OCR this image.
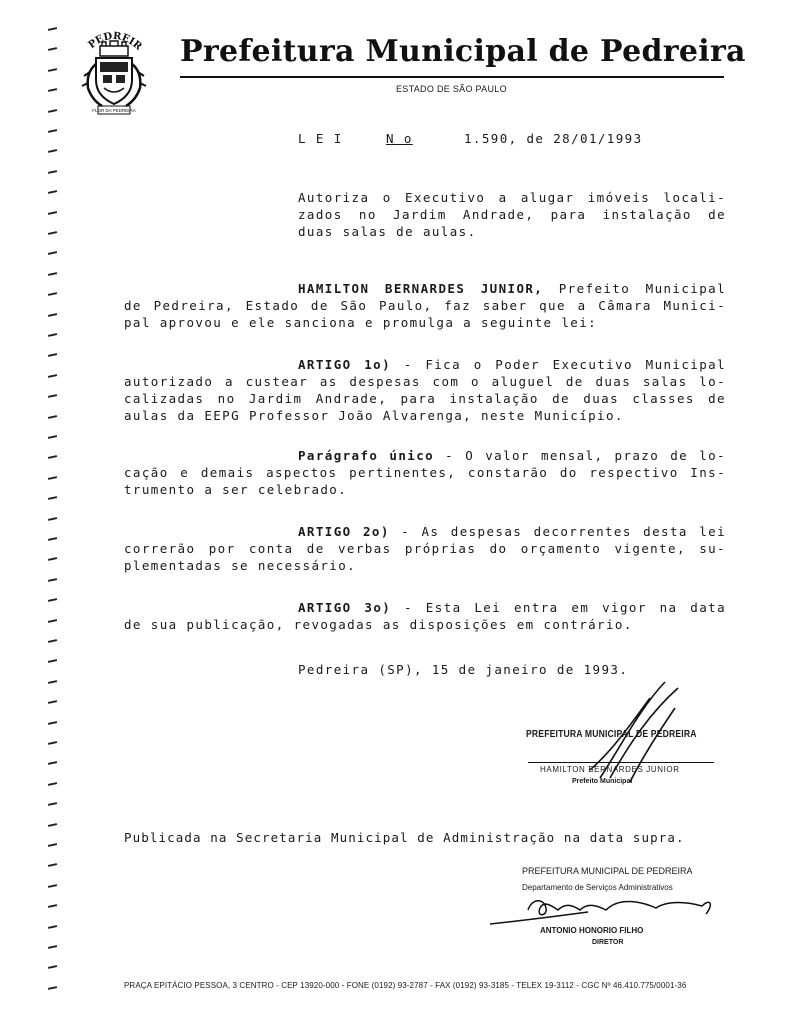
PEDREIR
FLOR DA PEDREIRA
Prefeitura Municipal de Pedreira
ESTADO DE SÃO PAULO
L E I	N o	1.590, de 28/01/1993

Autoriza o Executivo a alugar imóveis locali-

zados no Jardim Andrade, para instalação de

duas salas de aulas.

HAMILTON BERNARDES JUNIOR, Prefeito Municipal

de Pedreira, Estado de São Paulo, faz saber que a Câmara Munici-

pal aprovou e ele sanciona e promulga a seguinte lei:

ARTIGO 1o) - Fica o Poder Executivo Municipal

autorizado a custear as despesas com o aluguel de duas salas lo-

calizadas no Jardim Andrade, para instalação de duas classes de

aulas da EEPG Professor João Alvarenga, neste Município.

Parágrafo único - O valor mensal, prazo de lo-

cação e demais aspectos pertinentes, constarão do respectivo Ins-

trumento a ser celebrado.

ARTIGO 2o) - As despesas decorrentes desta lei

correrão por conta de verbas próprias do orçamento vigente, su-

plementadas se necessário.

ARTIGO 3o) - Esta Lei entra em vigor na data

de sua publicação, revogadas as disposições em contrário.

Pedreira (SP), 15 de janeiro de 1993.
PREFEITURA MUNICIPAL DE PEDREIRA
HAMILTON BERNARDES JUNIOR
Prefeito Municipal
Publicada na Secretaria Municipal de Administração na data supra.
PREFEITURA MUNICIPAL DE PEDREIRA
Departamento de Serviços Administrativos
ANTONIO HONORIO FILHO
DIRETOR
PRAÇA EPITÁCIO PESSOA, 3 CENTRO - CEP 13920-000 - FONE (0192) 93-2787 - FAX (0192) 93-3185 - TELEX 19-3112 - CGC Nº 46.410.775/0001-36
